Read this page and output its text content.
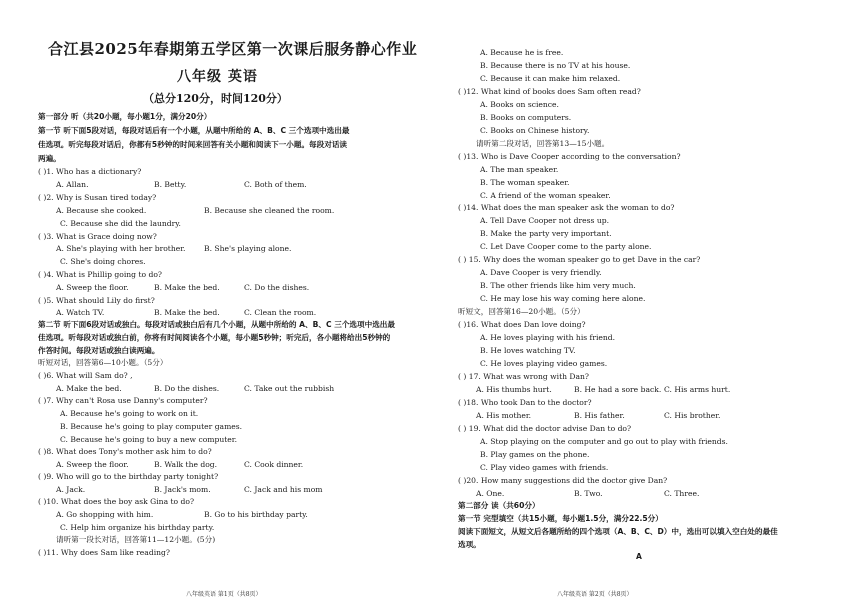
合江县2025年春期第五学区第一次课后服务静心作业
八年级 英语
（总分120分，时间120分）
第一部分 听（共20小题，每小题1分，满分20分）
第一节 听下面5段对话，每段对话后有一个小题，从题中所给的 A、B、C 三个选项中选出最
佳选项。听完每段对话后，你都有5秒钟的时间来回答有关小题和阅读下一小题。每段对话读
两遍。
( )1. Who has a dictionary?
A. Allan.	B. Betty.	C. Both of them.
( )2. Why is Susan tired today?
A. Because she cooked.	B. Because she cleaned the room.
C. Because she did the laundry.
( )3. What is Grace doing now?
A. She's playing with her brother. B. She's playing alone.
C. She's doing chores.
( )4. What is Phillip going to do?
A. Sweep the floor.	B. Make the bed.	C. Do the dishes.
( )5. What should Lily do first?
A. Watch TV.	B. Make the bed.	C. Clean the room.
第二节 听下面6段对话或独白。每段对话或独白后有几个小题，从题中所给的 A、B、C 三个选项中选出最
佳选项。听每段对话或独白前，你将有时间阅读各个小题，每小题5秒钟；听完后，各小题将给出5秒钟的
作答时间。每段对话或独白读两遍。
听短对话，回答第6—10小题。（5分）
( )6. What will Sam do? ,
A. Make the bed.	B. Do the dishes.	C. Take out the rubbish
( )7. Why can't Rosa use Danny's computer?
A. Because he's going to work on it.
B. Because he's going to play computer games.
C. Because he's going to buy a new computer.
( )8. What does Tony's mother ask him to do?
A. Sweep the floor.	B. Walk the dog.	C. Cook dinner.
( )9. Who will go to the birthday party tonight?
A. Jack.	B. Jack's mom.	C. Jack and his mom
( )10. What does the boy ask Gina to do?
A. Go shopping with him.	B. Go to his birthday party.
C. Help him organize his birthday party.
请听第一段长对话，回答第11—12小题。(5分)
( )11. Why does Sam like reading?
A. Because he is free.
B. Because there is no TV at his house.
C. Because it can make him relaxed.
( )12. What kind of books does Sam often read?
A. Books on science.
B. Books on computers.
C. Books on Chinese history.
请听第二段对话，回答第13—15小题。
( )13. Who is Dave Cooper according to the conversation?
A. The man speaker.
B. The woman speaker.
C. A friend of the woman speaker.
( )14. What does the man speaker ask the woman to do?
A. Tell Dave Cooper not dress up.
B. Make the party very important.
C. Let Dave Cooper come to the party alone.
( ) 15. Why does the woman speaker go to get Dave in the car?
A. Dave Cooper is very friendly.
B. The other friends like him very much.
C. He may lose his way coming here alone.
听短文，回答第16—20小题。（5分）
( )16. What does Dan love doing?
A. He loves playing with his friend.
B. He loves watching TV.
C. He loves playing video games.
( ) 17. What was wrong with Dan?
A. His thumbs hurt.	B. He had a sore back. C. His arms hurt.
( )18. Who took Dan to the doctor?
A. His mother.	B. His father.	C. His brother.
( ) 19. What did the doctor advise Dan to do?
A. Stop playing on the computer and go out to play with friends.
B. Play games on the phone.
C. Play video games with friends.
( )20. How many suggestions did the doctor give Dan?
A. One.	B. Two.	C. Three.
第二部分 读（共60分）
第一节 完型填空（共15小题，每小题1.5分，满分22.5分）
阅读下面短文，从短文后各题所给的四个选项（A、B、C、D）中，选出可以填入空白处的最佳
选项。
A
八年级英语 第1页（共8页）	八年级英语 第2页（共8页）
